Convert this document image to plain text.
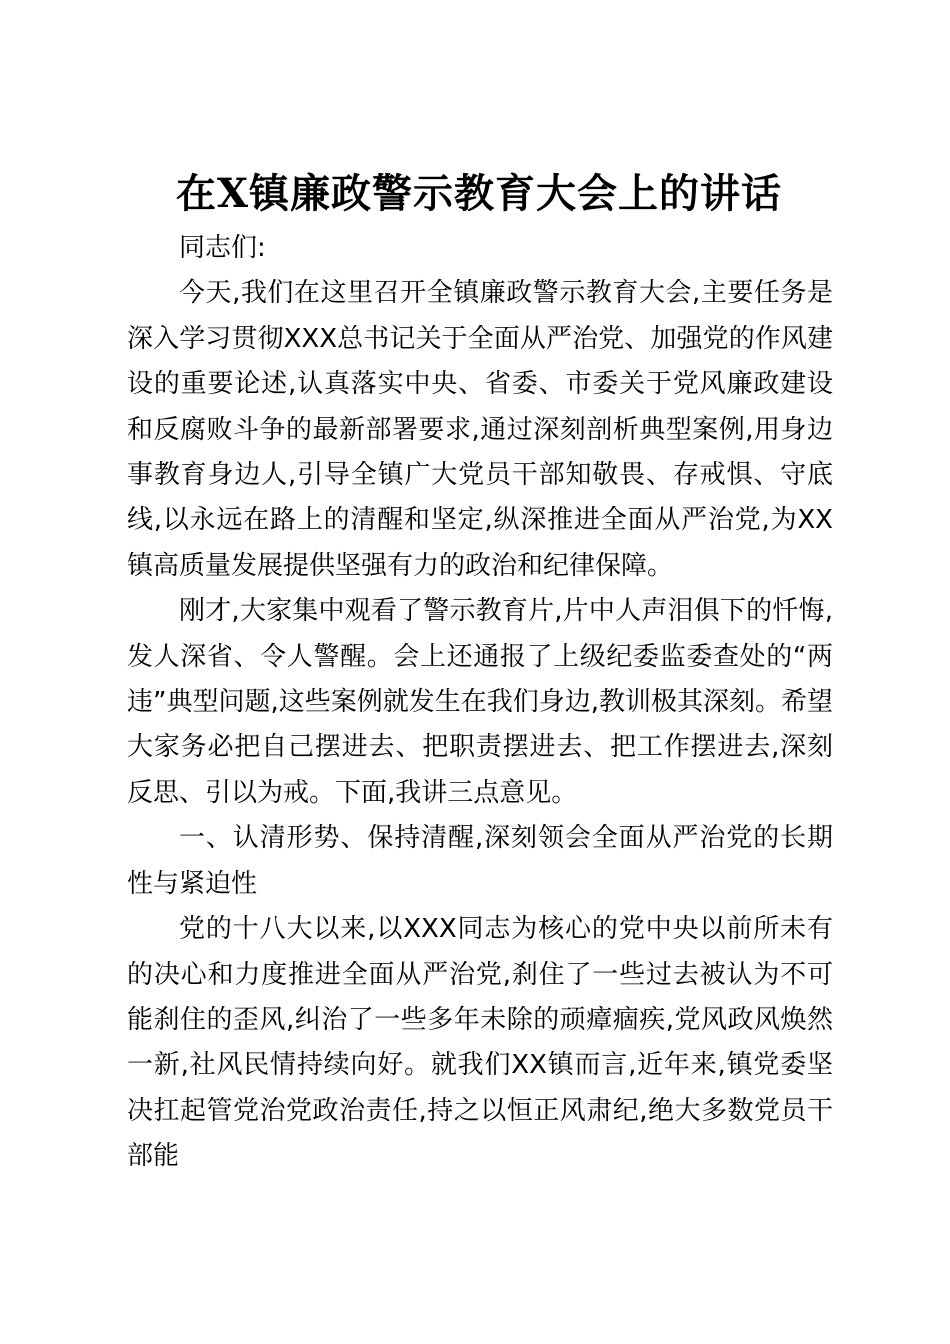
在X镇廉政警示教育大会上的讲话

同志们:

今天,我们在这里召开全镇廉政警示教育大会,主要任务是深入学习贯彻XXX总书记关于全面从严治党、加强党的作风建设的重要论述,认真落实中央、省委、市委关于党风廉政建设和反腐败斗争的最新部署要求,通过深刻剖析典型案例,用身边事教育身边人,引导全镇广大党员干部知敬畏、存戒惧、守底线,以永远在路上的清醒和坚定,纵深推进全面从严治党,为XX镇高质量发展提供坚强有力的政治和纪律保障。

刚才,大家集中观看了警示教育片,片中人声泪俱下的忏悔,发人深省、令人警醒。会上还通报了上级纪委监委查处的“两违”典型问题,这些案例就发生在我们身边,教训极其深刻。希望大家务必把自己摆进去、把职责摆进去、把工作摆进去,深刻反思、引以为戒。下面,我讲三点意见。

一、认清形势、保持清醒,深刻领会全面从严治党的长期性与紧迫性

党的十八大以来,以XXX同志为核心的党中央以前所未有的决心和力度推进全面从严治党,刹住了一些过去被认为不可能刹住的歪风,纠治了一些多年未除的顽瘴痼疾,党风政风焕然一新,社风民情持续向好。就我们XX镇而言,近年来,镇党委坚决扛起管党治党政治责任,持之以恒正风肃纪,绝大多数党员干部能
